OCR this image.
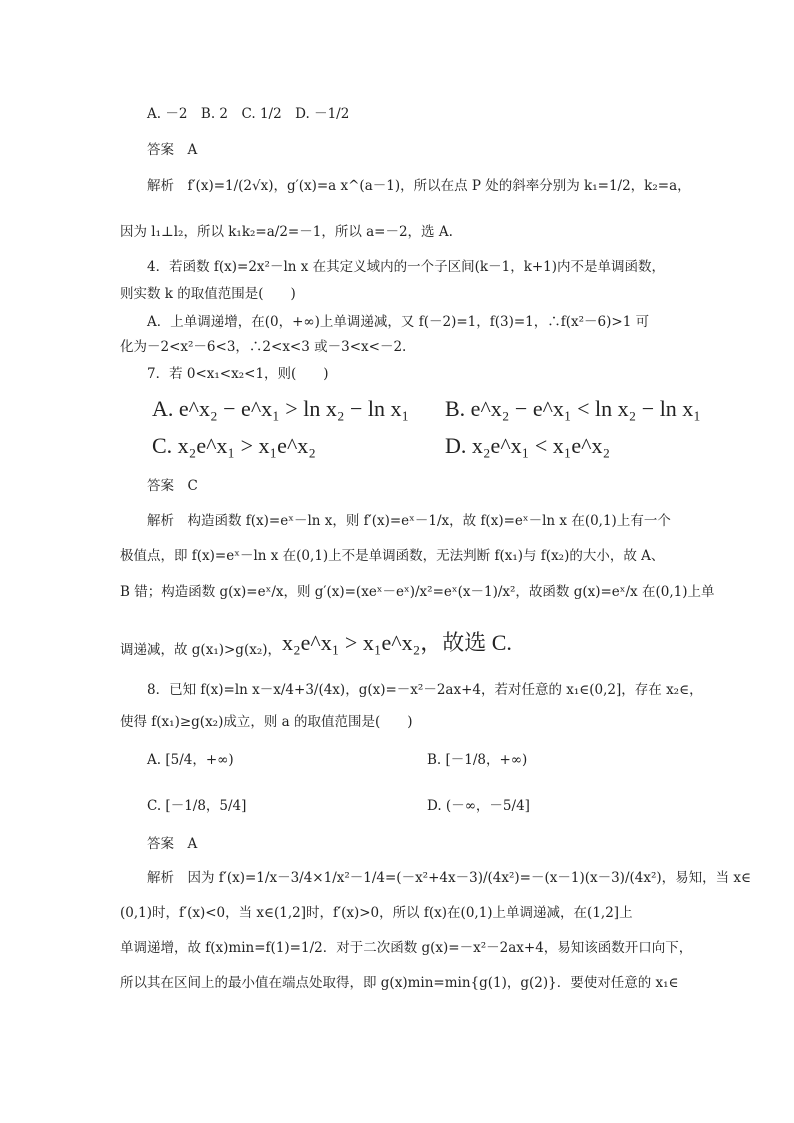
A. －2　B. 2　C. 1/2　D. －1/2
答案　A
解析　f′(x)=1/(2√x)，g′(x)=a x^(a－1)，所以在点 P 处的斜率分别为 k₁=1/2，k₂=a，
因为 l₁⊥l₂，所以 k₁k₂=a/2=－1，所以 a=－2，选 A.
4．若函数 f(x)=2x²－ln x 在其定义域内的一个子区间(k－1，k+1)内不是单调函数，
则实数 k 的取值范围是(　　)
A．上单调递增，在(0，+∞)上单调递减，又 f(－2)=1，f(3)=1，∴f(x²－6)>1 可
化为－2<x²－6<3，∴2<x<3 或－3<x<－2.
7．若 0<x₁<x₂<1，则(　　)
A. e^x₂ − e^x₁ > ln x₂ − ln x₁ B. e^x₂ − e^x₁ < ln x₂ − ln x₁
C. x₂e^x₁ > x₁e^x₂	D. x₂e^x₁ < x₁e^x₂
答案　C
解析　构造函数 f(x)=eˣ－ln x，则 f′(x)=eˣ－1/x，故 f(x)=eˣ－ln x 在(0,1)上有一个
极值点，即 f(x)=eˣ－ln x 在(0,1)上不是单调函数，无法判断 f(x₁)与 f(x₂)的大小，故 A、
B 错；构造函数 g(x)=eˣ/x，则 g′(x)=(xeˣ－eˣ)/x²=eˣ(x－1)/x²，故函数 g(x)=eˣ/x 在(0,1)上单
调递减，故 g(x₁)>g(x₂)， x₂e^x₁ > x₁e^x₂，故选 C.
8．已知 f(x)=ln x－x/4+3/(4x)，g(x)=－x²－2ax+4，若对任意的 x₁∈(0,2]，存在 x₂∈，
使得 f(x₁)≥g(x₂)成立，则 a 的取值范围是(　　)
A. [5/4，+∞)	B. [－1/8，+∞)
C. [－1/8，5/4]	D. (－∞，－5/4]
答案　A
解析　因为 f′(x)=1/x－3/4×1/x²－1/4=(－x²+4x－3)/(4x²)=－(x－1)(x－3)/(4x²)，易知，当 x∈
(0,1)时，f′(x)<0，当 x∈(1,2]时，f′(x)>0，所以 f(x)在(0,1)上单调递减，在(1,2]上
单调递增，故 f(x)min=f(1)=1/2．对于二次函数 g(x)=－x²－2ax+4，易知该函数开口向下，
所以其在区间上的最小值在端点处取得，即 g(x)min=min{g(1)，g(2)}．要使对任意的 x₁∈
